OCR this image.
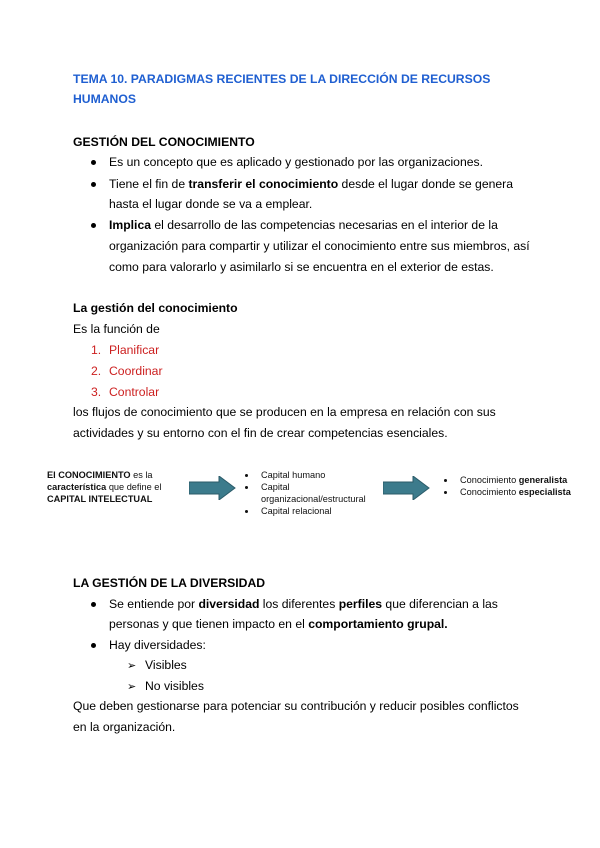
TEMA 10. PARADIGMAS RECIENTES DE LA DIRECCIÓN DE RECURSOS
HUMANOS
GESTIÓN DEL CONOCIMIENTO
Es un concepto que es aplicado y gestionado por las organizaciones.
Tiene el fin de transferir el conocimiento desde el lugar donde se genera
hasta el lugar donde se va a emplear.
Implica el desarrollo de las competencias necesarias en el interior de la
organización para compartir y utilizar el conocimiento entre sus miembros, así
como para valorarlo y asimilarlo si se encuentra en el exterior de estas.
La gestión del conocimiento
Es la función de
1. Planificar
2. Coordinar
3. Controlar
los flujos de conocimiento que se producen en la empresa en relación con sus
actividades y su entorno con el fin de crear competencias esenciales.
El CONOCIMIENTO es la
característica que define el
CAPITAL INTELECTUAL
Capital humano
Capital
organizacional/estructural
Capital relacional
Conocimiento generalista
Conocimiento especialista
LA GESTIÓN DE LA DIVERSIDAD
Se entiende por diversidad los diferentes perfiles que diferencian a las
personas y que tienen impacto en el comportamiento grupal.
Hay diversidades:
➢ Visibles
➢ No visibles
Que deben gestionarse para potenciar su contribución y reducir posibles conflictos
en la organización.
